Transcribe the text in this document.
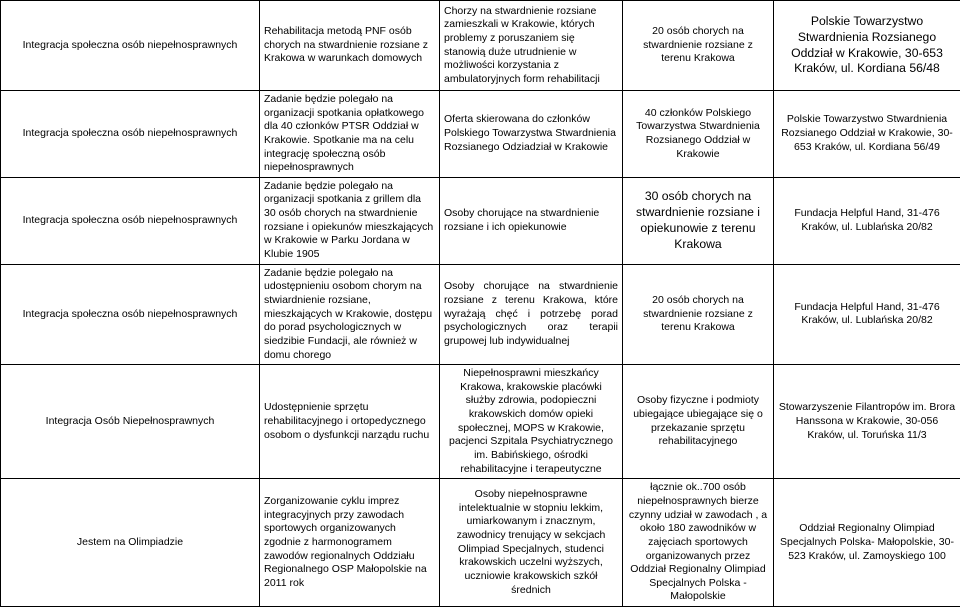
Integracja społeczna osób niepełnosprawnych	Rehabilitacja metodą PNF osób chorych na stwardnienie rozsiane z Krakowa w warunkach domowych	Chorzy na stwardnienie rozsiane zamieszkali w Krakowie, których problemy z poruszaniem się stanowią duże utrudnienie w możliwości korzystania z ambulatoryjnych form rehabilitacji	20 osób chorych na stwardnienie rozsiane z terenu Krakowa	Polskie Towarzystwo Stwardnienia Rozsianego Oddział w Krakowie, 30-653 Kraków, ul. Kordiana 56/48
Integracja społeczna osób niepełnosprawnych	Zadanie będzie polegało na organizacji spotkania opłatkowego dla 40 członków PTSR Oddział w Krakowie. Spotkanie ma na celu integrację społeczną osób niepełnosprawnych	Oferta skierowana do członków Polskiego Towarzystwa Stwardnienia Rozsianego Odziadział w Krakowie	40 członków Polskiego Towarzystwa Stwardnienia Rozsianego Oddział w Krakowie	Polskie Towarzystwo Stwardnienia Rozsianego Oddział w Krakowie, 30-653 Kraków, ul. Kordiana 56/49
Integracja społeczna osób niepełnosprawnych	Zadanie będzie polegało na organizacji spotkania z grillem dla 30 osób chorych na stwardnienie rozsiane i opiekunów mieszkających w Krakowie w Parku Jordana w Klubie 1905	Osoby chorujące na stwardnienie rozsiane i ich opiekunowie	30 osób chorych na stwardnienie rozsiane i opiekunowie z terenu Krakowa	Fundacja Helpful Hand, 31-476 Kraków, ul. Lublańska 20/82
Integracja społeczna osób niepełnosprawnych	Zadanie będzie polegało na udostępnieniu osobom chorym na stwiardnienie rozsiane, mieszkających w Krakowie, dostępu do porad psychologicznych w siedzibie Fundacji, ale również w domu chorego	Osoby chorujące na stwardnienie rozsiane z terenu Krakowa, które wyrażają chęć i potrzebę porad psychologicznych oraz terapii grupowej lub indywidualnej	20 osób chorych na stwardnienie rozsiane z terenu Krakowa	Fundacja Helpful Hand, 31-476 Kraków, ul. Lublańska 20/82
Integracja Osób Niepełnosprawnych	Udostępnienie sprzętu rehabilitacyjnego i ortopedycznego osobom o dysfunkcji narządu ruchu	Niepełnosprawni mieszkańcy Krakowa, krakowskie placówki służby zdrowia, podopieczni krakowskich domów opieki społecznej, MOPS w Krakowie, pacjenci Szpitala Psychiatrycznego im. Babińskiego, ośrodki rehabilitacyjne i terapeutyczne	Osoby fizyczne i podmioty ubiegające ubiegające się o przekazanie sprzętu rehabilitacyjnego	Stowarzyszenie Filantropów im. Brora Hanssona w Krakowie, 30-056 Kraków, ul. Toruńska 11/3
Jestem na Olimpiadzie	Zorganizowanie cyklu imprez integracyjnych przy zawodach sportowych organizowanych zgodnie z harmonogramem zawodów regionalnych Oddziału Regionalnego OSP Małopolskie na 2011 rok	Osoby niepełnosprawne intelektualnie w stopniu lekkim, umiarkowanym i znacznym, zawodnicy trenujący w sekcjach Olimpiad Specjalnych, studenci krakowskich uczelni wyższych, uczniowie krakowskich szkół średnich	łącznie ok..700 osób niepełnosprawnych bierze czynny udział w zawodach , a około 180 zawodników w zajęciach sportowych organizowanych przez Oddział Regionalny Olimpiad Specjalnych Polska - Małopolskie	Oddział Regionalny Olimpiad Specjalnych Polska- Małopolskie, 30-523 Kraków, ul. Zamoyskiego 100
